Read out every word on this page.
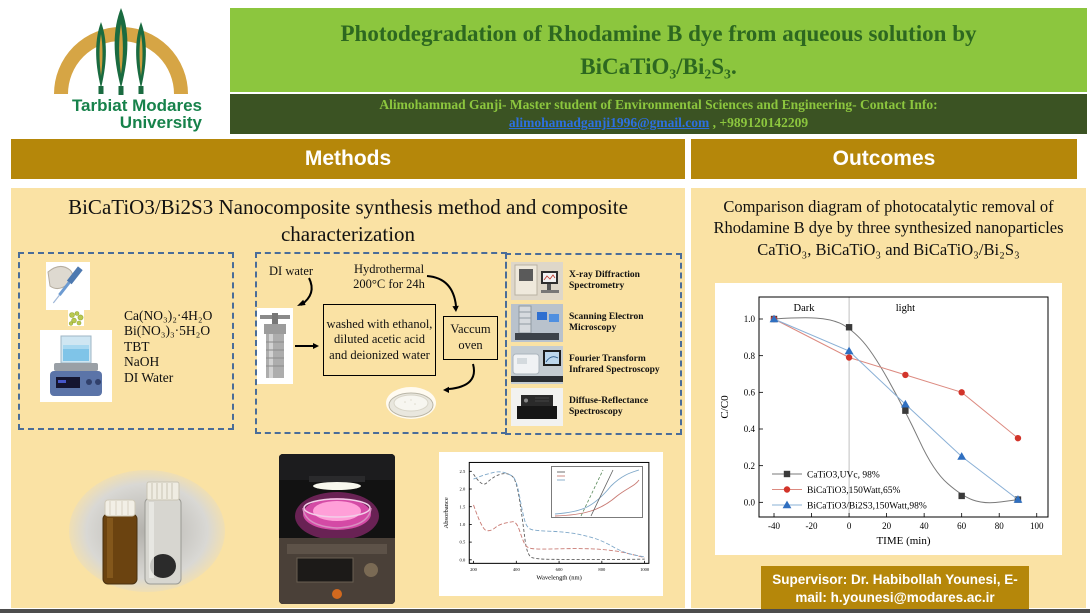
Tarbiat Modares
University
Photodegradation of Rhodamine B dye from aqueous solution by BiCaTiO₃/Bi₂S₃.
Alimohammad Ganji- Master student of Environmental Sciences and Engineering- Contact Info:
alimohamadganji1996@gmail.com , +989120142209
Methods	Outcomes
BiCaTiO3/Bi2S3 Nanocomposite synthesis method and composite characterization
Ca(NO₃)₂·4H₂O
Bi(NO₃)₃·5H₂O
TBT
NaOH
DI Water
DI water	Hydrothermal 200°C for 24h
washed with ethanol, diluted acetic acid and deionized water
Vaccum oven
X-ray Diffraction Spectrometry
Scanning Electron Microscopy
Fourier Transform Infrared Spectroscopy
Diffuse-Reflectance Spectroscopy
200	400	600	800	1000
0.0
0.5
1.0
1.5
2.0
2.5
Wavelength (nm)
Absorbance
Comparison diagram of photocatalytic removal of Rhodamine B dye by three synthesized nanoparticles CaTiO₃, BiCaTiO₃ and BiCaTiO₃/Bi₂S₃
-40	-20	0	20	40	60	80	100
0.0
0.2
0.4
0.6
0.8
1.0
TIME (min)
C/C0
Dark	light
CaTiO3,UVc, 98%
BiCaTiO3,150Watt,65%
BiCaTiO3/Bi2S3,150Watt,98%
Supervisor: Dr. Habibollah Younesi, E-mail: h.younesi@modares.ac.ir
